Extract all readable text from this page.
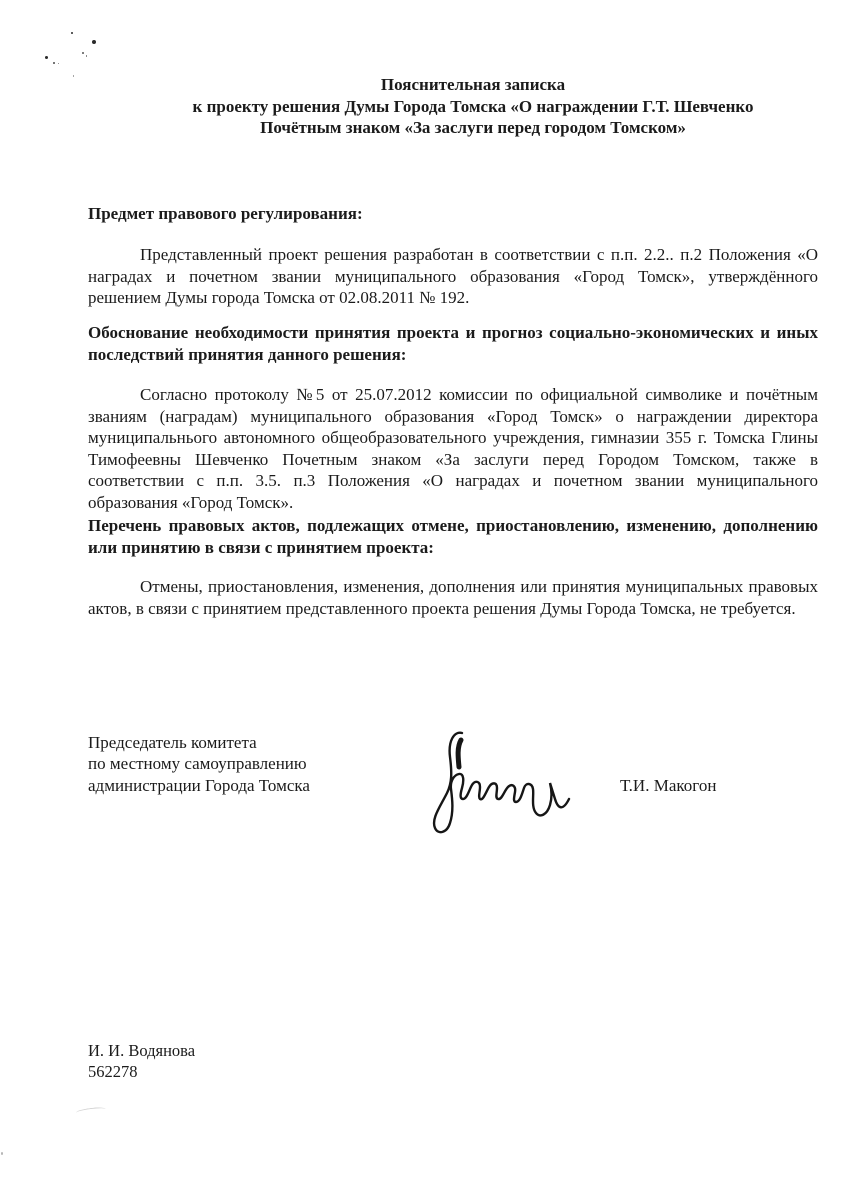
Пояснительная записка
к проекту решения Думы Города Томска «О награждении Г.Т. Шевченко
Почётным знаком «За заслуги перед городом Томском»
Предмет правового регулирования:

Представленный проект решения разработан в соответствии с п.п. 2.2.. п.2 Положения «О наградах и почетном звании муниципального образования «Город Томск», утверждённого решением Думы города Томска от 02.08.2011 № 192.

Обоснование необходимости принятия проекта и прогноз социально-экономических и иных последствий принятия данного решения:

Согласно протоколу №5 от 25.07.2012 комиссии по официальной символике и почётным званиям (наградам) муниципального образования «Город Томск» о награждении директора муниципальнього автономного общеобразовательного учреждения, гимназии 355 г. Томска Глины Тимофеевны Шевченко Почетным знаком «За заслуги перед Городом Томском, также в соответствии с п.п. 3.5. п.3 Положения «О наградах и почетном звании муниципального образования «Город Томск».

Перечень правовых актов, подлежащих отмене, приостановлению, изменению, дополнению или принятию в связи с принятием проекта:

Отмены, приостановления, изменения, дополнения или принятия муниципальных правовых актов, в связи с принятием представленного проекта решения Думы Города Томска, не требуется.

Председатель комитета
по местному самоуправлению
администрации Города Томска	Т.И. Макогон
И. И. Водянова
562278
